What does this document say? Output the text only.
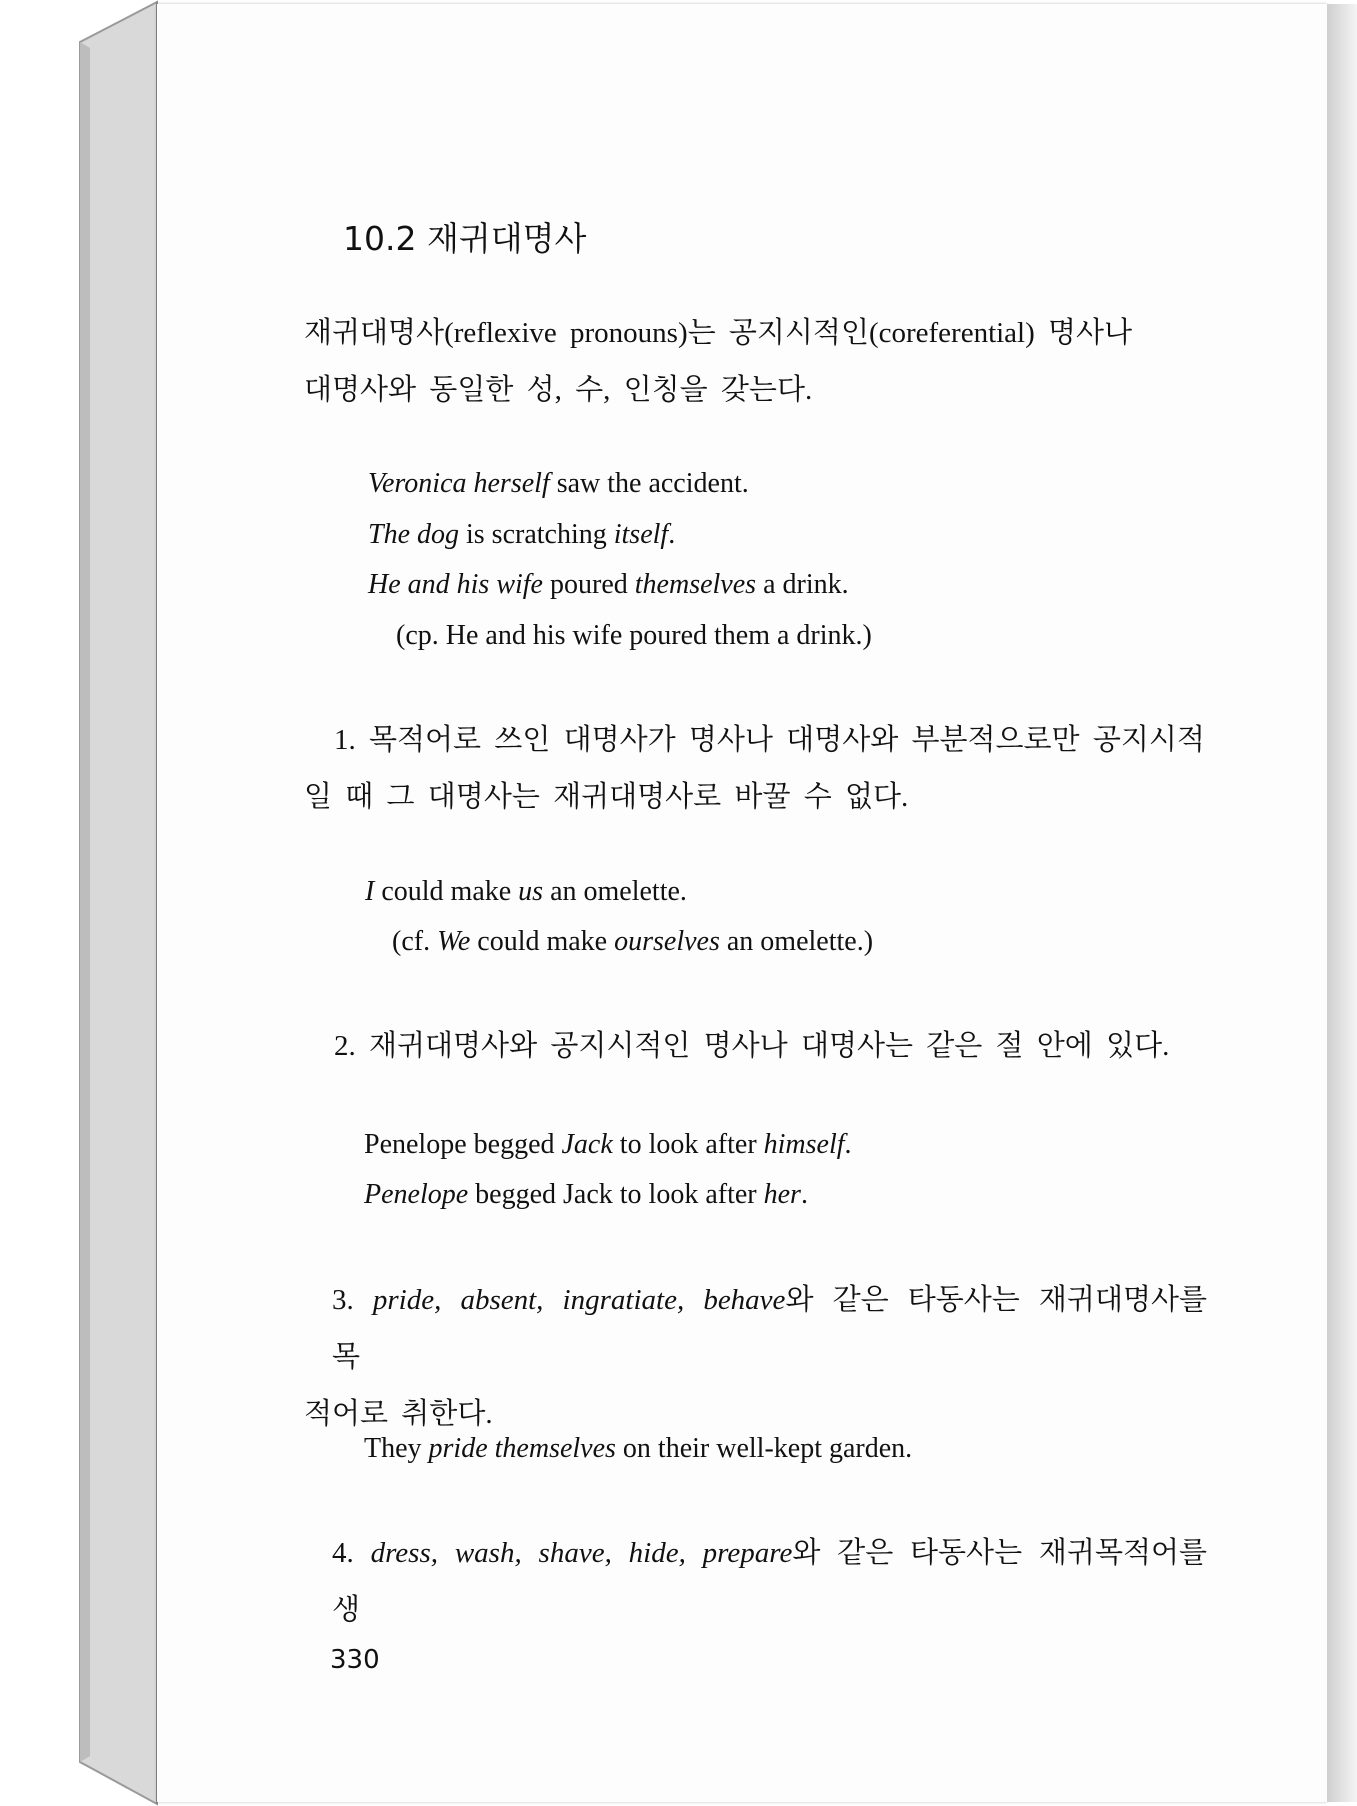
10.2 재귀대명사
재귀대명사(reflexive pronouns)는 공지시적인(coreferential) 명사나
대명사와 동일한 성, 수, 인칭을 갖는다.
Veronica herself saw the accident.
The dog is scratching itself.
He and his wife poured themselves a drink.
(cp. He and his wife poured them a drink.)
1. 목적어로 쓰인 대명사가 명사나 대명사와 부분적으로만 공지시적
일 때 그 대명사는 재귀대명사로 바꿀 수 없다.
I could make us an omelette.
(cf. We could make ourselves an omelette.)
2. 재귀대명사와 공지시적인 명사나 대명사는 같은 절 안에 있다.
Penelope begged Jack to look after himself.
Penelope begged Jack to look after her.
3. pride, absent, ingratiate, behave와 같은 타동사는 재귀대명사를 목
적어로 취한다.
They pride themselves on their well-kept garden.
4. dress, wash, shave, hide, prepare와 같은 타동사는 재귀목적어를 생
330
